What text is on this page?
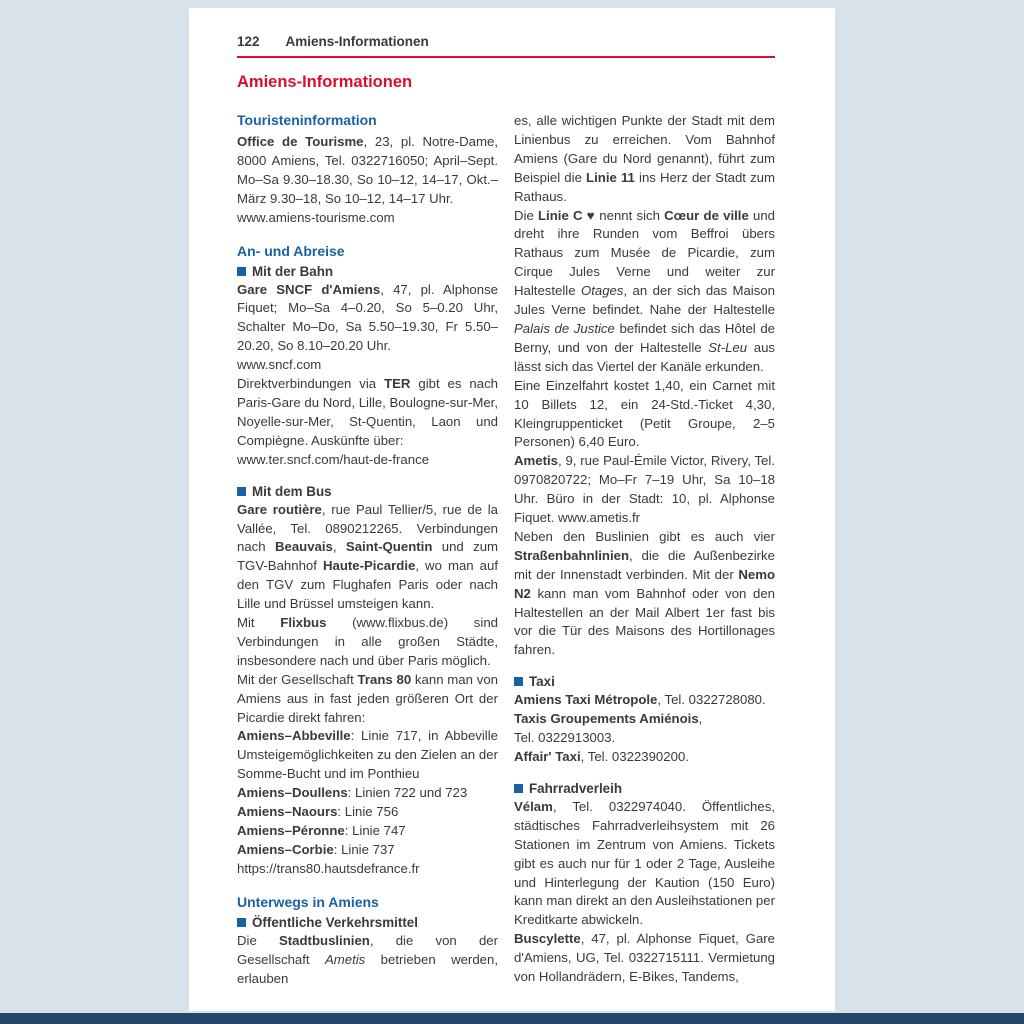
122 Amiens-Informationen
Amiens-Informationen
Touristeninformation

Office de Tourisme, 23, pl. Notre-Dame, 8000 Amiens, Tel. 0322716050; April–Sept. Mo–Sa 9.30–18.30, So 10–12, 14–17, Okt.–März 9.30–18, So 10–12, 14–17 Uhr.

www.amiens-tourisme.com

An- und Abreise
Mit der Bahn

Gare SNCF d'Amiens, 47, pl. Alphonse Fiquet; Mo–Sa 4–0.20, So 5–0.20 Uhr, Schalter Mo–Do, Sa 5.50–19.30, Fr 5.50–20.20, So 8.10–20.20 Uhr.

www.sncf.com

Direktverbindungen via TER gibt es nach Paris-Gare du Nord, Lille, Boulogne-sur-Mer, Noyelle-sur-Mer, St-Quentin, Laon und Compiègne. Auskünfte über:

www.ter.sncf.com/haut-de-france

Mit dem Bus

Gare routière, rue Paul Tellier/5, rue de la Vallée, Tel. 0890212265. Verbindungen nach Beauvais, Saint-Quentin und zum TGV-Bahnhof Haute-Picardie, wo man auf den TGV zum Flughafen Paris oder nach Lille und Brüssel umsteigen kann.

Mit Flixbus (www.flixbus.de) sind Verbindungen in alle großen Städte, insbesondere nach und über Paris möglich.

Mit der Gesellschaft Trans 80 kann man von Amiens aus in fast jeden größeren Ort der Picardie direkt fahren:

Amiens–Abbeville: Linie 717, in Abbeville Umsteigemöglichkeiten zu den Zielen an der Somme-Bucht und im Ponthieu

Amiens–Doullens: Linien 722 und 723

Amiens–Naours: Linie 756

Amiens–Péronne: Linie 747

Amiens–Corbie: Linie 737

https://trans80.hautsdefrance.fr

Unterwegs in Amiens
Öffentliche Verkehrsmittel

Die Stadtbuslinien, die von der Gesellschaft Ametis betrieben werden, erlauben

es, alle wichtigen Punkte der Stadt mit dem Linienbus zu erreichen. Vom Bahnhof Amiens (Gare du Nord genannt), führt zum Beispiel die Linie 11 ins Herz der Stadt zum Rathaus.

Die Linie C ♥ nennt sich Cœur de ville und dreht ihre Runden vom Beffroi übers Rathaus zum Musée de Picardie, zum Cirque Jules Verne und weiter zur Haltestelle Otages, an der sich das Maison Jules Verne befindet. Nahe der Haltestelle Palais de Justice befindet sich das Hôtel de Berny, und von der Haltestelle St-Leu aus lässt sich das Viertel der Kanäle erkunden.

Eine Einzelfahrt kostet 1,40, ein Carnet mit 10 Billets 12, ein 24-Std.-Ticket 4,30, Kleingruppenticket (Petit Groupe, 2–5 Personen) 6,40 Euro.

Ametis, 9, rue Paul-Émile Victor, Rivery, Tel. 0970820722; Mo–Fr 7–19 Uhr, Sa 10–18 Uhr. Büro in der Stadt: 10, pl. Alphonse Fiquet. www.ametis.fr

Neben den Buslinien gibt es auch vier Straßenbahnlinien, die die Außenbezirke mit der Innenstadt verbinden. Mit der Nemo N2 kann man vom Bahnhof oder von den Haltestellen an der Mail Albert 1er fast bis vor die Tür des Maisons des Hortillonages fahren.

Taxi

Amiens Taxi Métropole, Tel. 0322728080.

Taxis Groupements Amiénois,

Tel. 0322913003.

Affair' Taxi, Tel. 0322390200.

Fahrradverleih

Vélam, Tel. 0322974040. Öffentliches, städtisches Fahrradverleihsystem mit 26 Stationen im Zentrum von Amiens. Tickets gibt es auch nur für 1 oder 2 Tage, Ausleihe und Hinterlegung der Kaution (150 Euro) kann man direkt an den Ausleihstationen per Kreditkarte abwickeln.

Buscylette, 47, pl. Alphonse Fiquet, Gare d'Amiens, UG, Tel. 0322715111. Vermietung von Hollandrädern, E-Bikes, Tandems,
